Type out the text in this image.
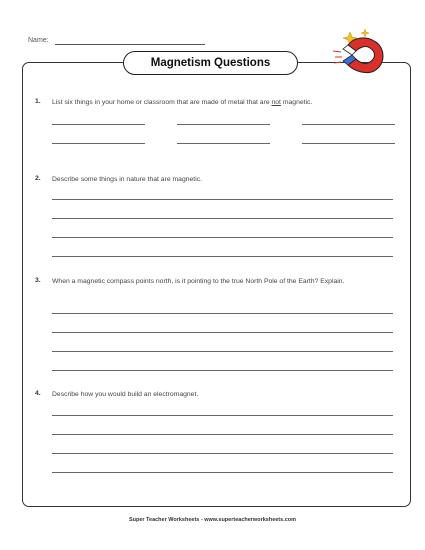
Name:
Magnetism Questions
1. List six things in your home or classroom that are made of metal that are not magnetic.
2. Describe some things in nature that are magnetic.
3. When a magnetic compass points north, is it pointing to the true North Pole of the Earth? Explain.
4. Describe how you would build an electromagnet.
Super Teacher Worksheets - www.superteacherworksheets.com
